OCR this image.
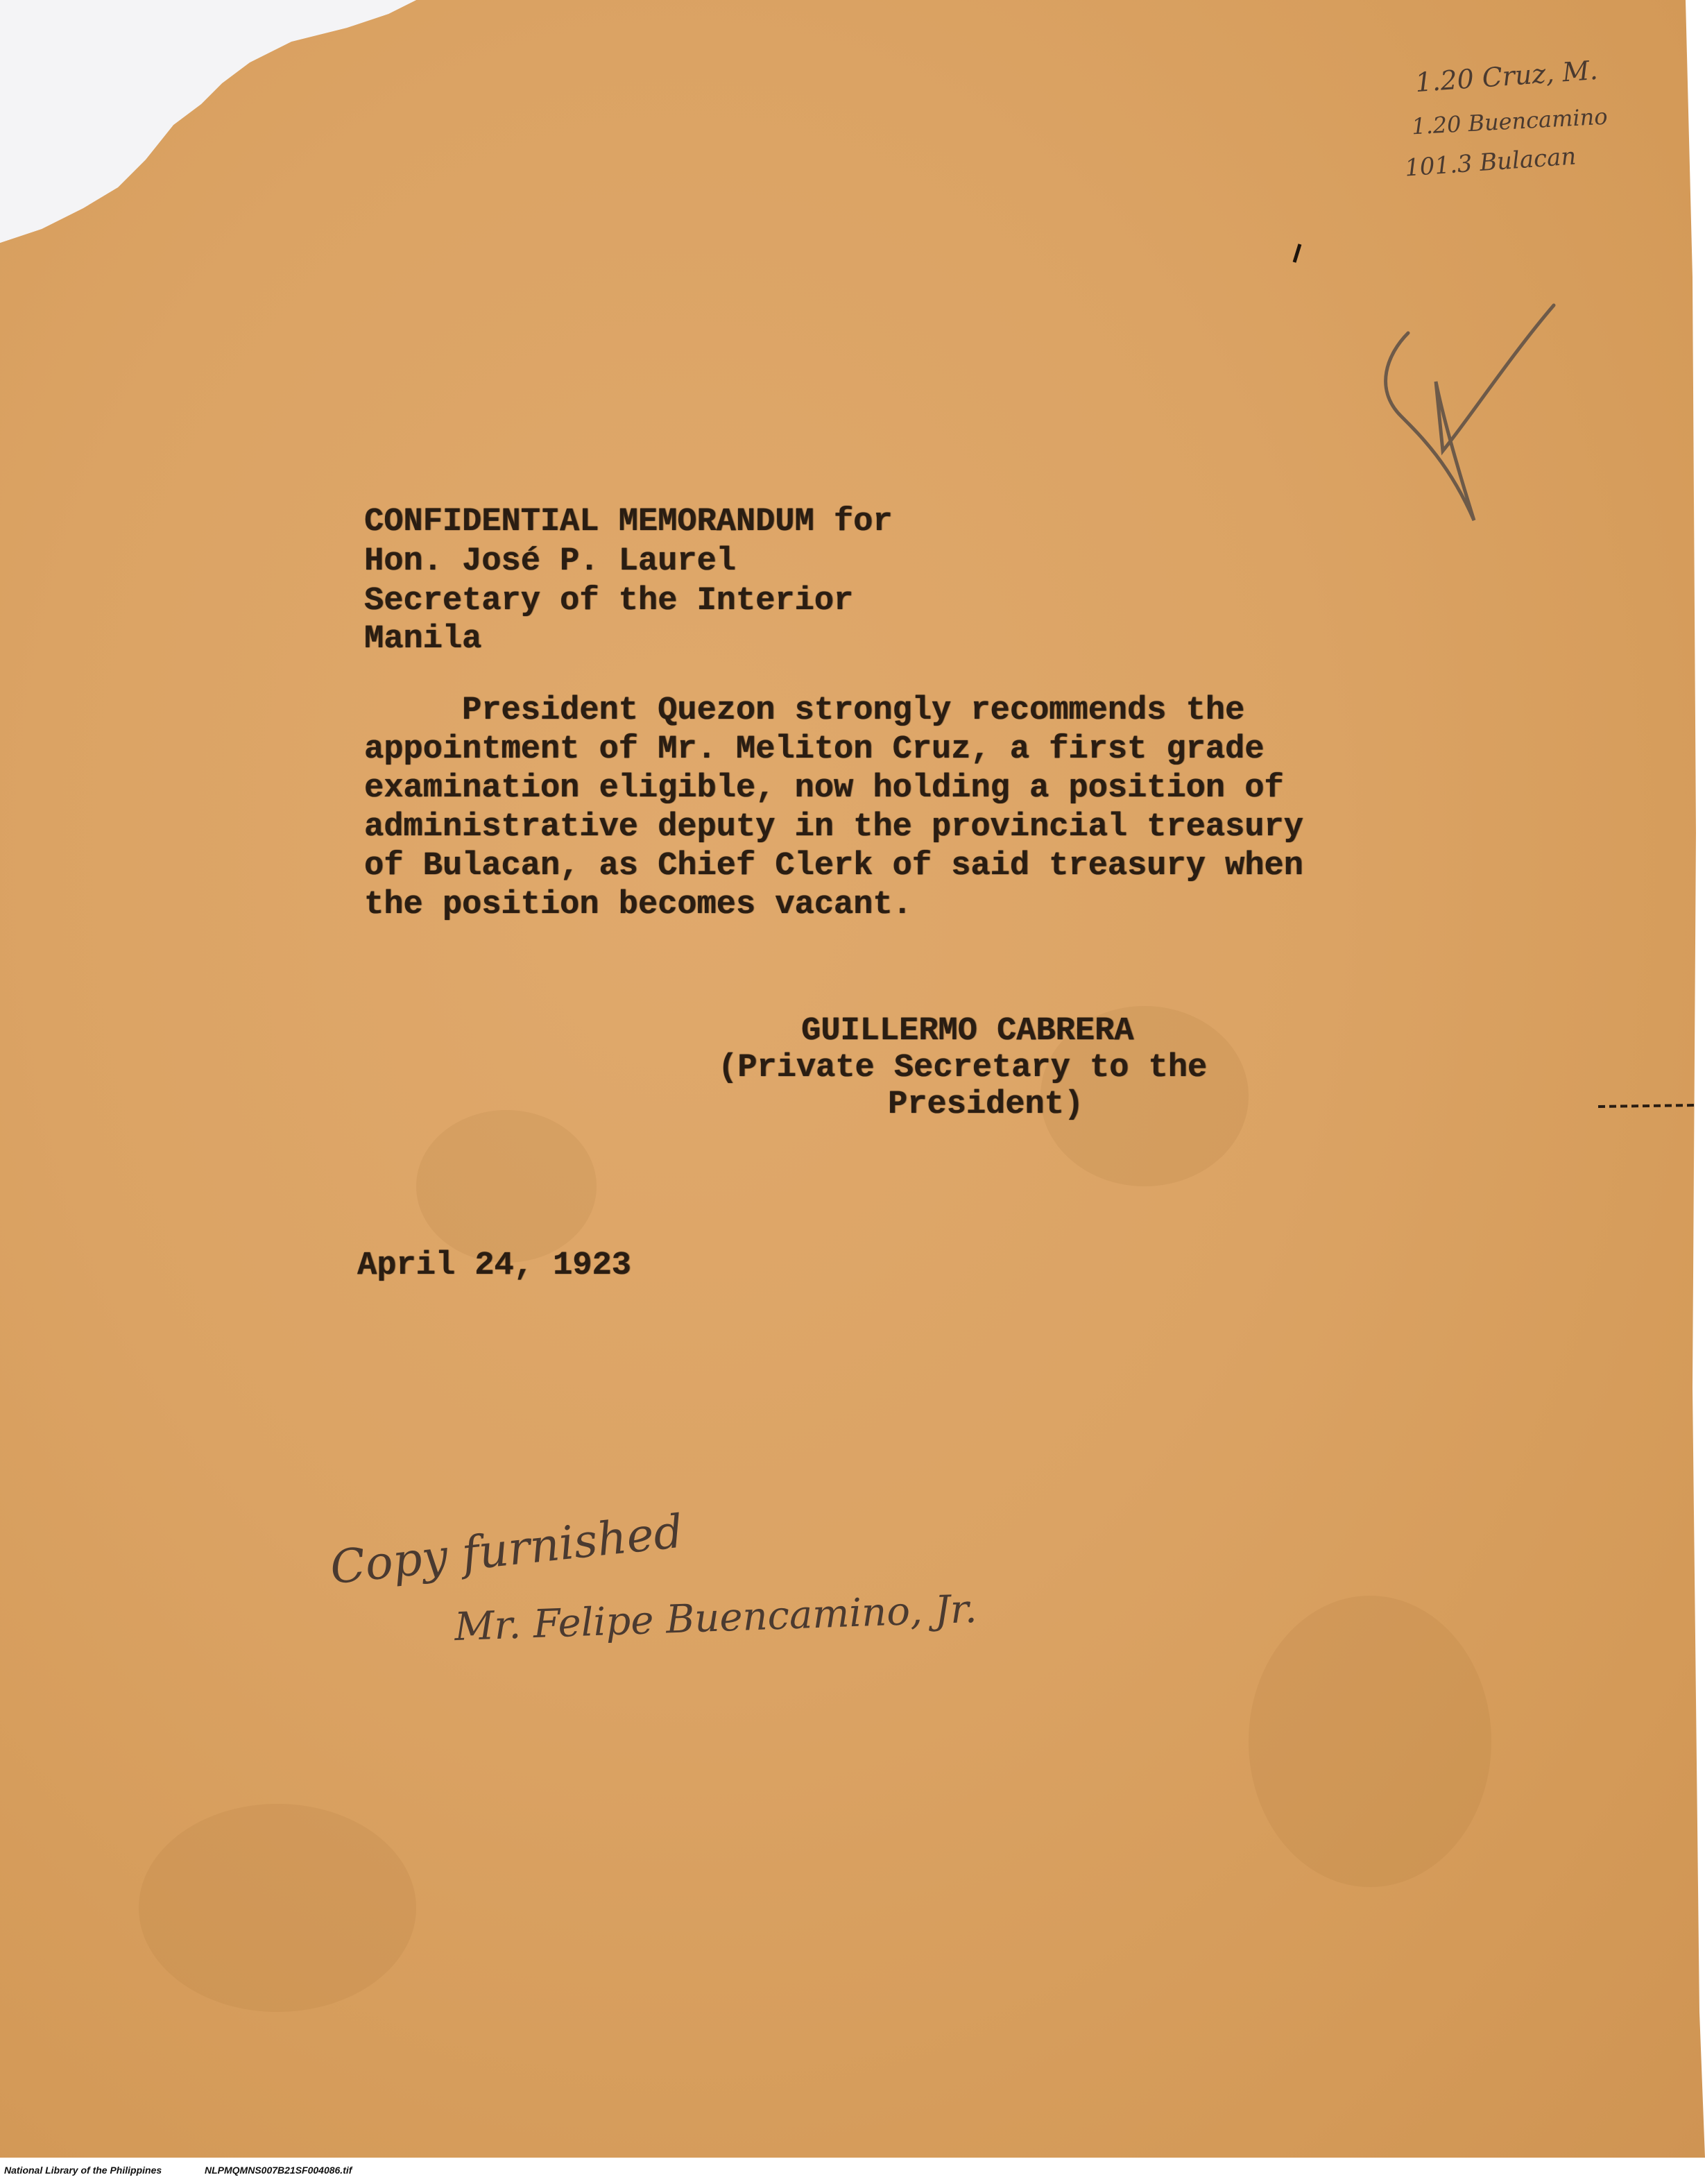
1.20 Cruz, M.
1.20 Buencamino
101.3 Bulacan
CONFIDENTIAL MEMORANDUM for
Hon. José P. Laurel
Secretary of the Interior
Manila
President Quezon strongly recommends the
appointment of Mr. Meliton Cruz, a first grade
examination eligible, now holding a position of
administrative deputy in the provincial treasury
of Bulacan, as Chief Clerk of said treasury when
the position becomes vacant.
GUILLERMO CABRERA
(Private Secretary to the
President)
April 24, 1923
Copy furnished
Mr. Felipe Buencamino, Jr.
National Library of the Philippines	NLPMQMNS007B21SF004086.tif
